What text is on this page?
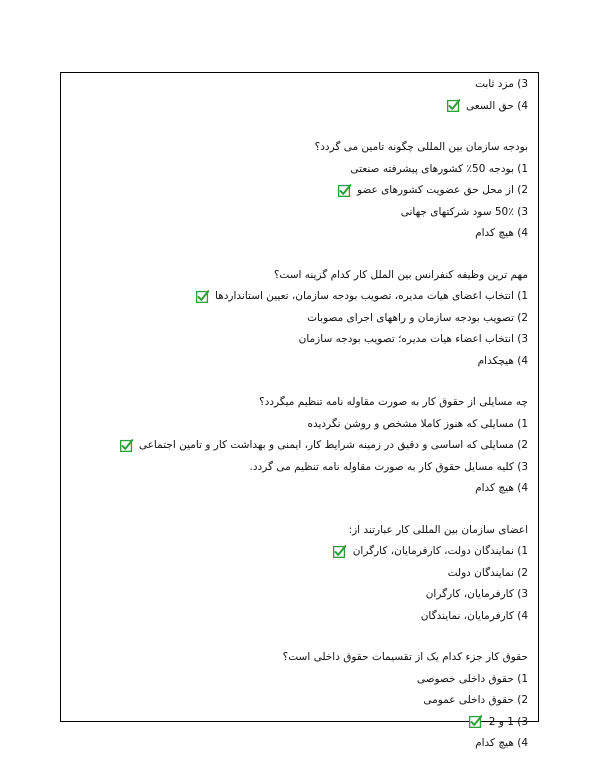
3) مزد ثابت
4) حق السعی
بودجه سازمان بین المللی چگونه تامین می گردد؟
1) بودجه 50٪ کشورهای پیشرفته صنعتی
2) از محل حق عضویت کشورهای عضو
3) 50٪ سود شرکتهای جهانی
4) هیچ کدام
مهم ترین وظیفه کنفرانس بین الملل کار کدام گزینه است؟
1) انتخاب اعضای هیات مدیره، تصویب بودجه سازمان، تعیین استانداردها
2) تصویب بودجه سازمان و راههای اجرای مصوبات
3) انتخاب اعضاء هیات مدیره؛ تصویب بودجه سازمان
4) هیچکدام
چه مسایلی از حقوق کار به صورت مقاوله نامه تنظیم میگردد؟
1) مسایلی که هنوز کاملا مشخص و روشن نگردیده
2) مسایلی که اساسی و دقیق در زمینه شرایط کار، ایمنی و بهداشت کار و تامین اجتماعی
3) کلیه مسایل حقوق کار به صورت مقاوله نامه تنظیم می گردد.
4) هیچ کدام
اعضای سازمان بین المللی کار عبارتند از:
1) نمایندگان دولت، کارفرمایان، کارگران
2) نمایندگان دولت
3) کارفرمایان، کارگران
4) کارفرمایان، نمایندگان
حقوق کار جزء کدام یک از تقسیمات حقوق داخلی است؟
1) حقوق داخلی خصوصی
2) حقوق داخلی عمومی
3) 1 و 2
4) هیچ کدام
